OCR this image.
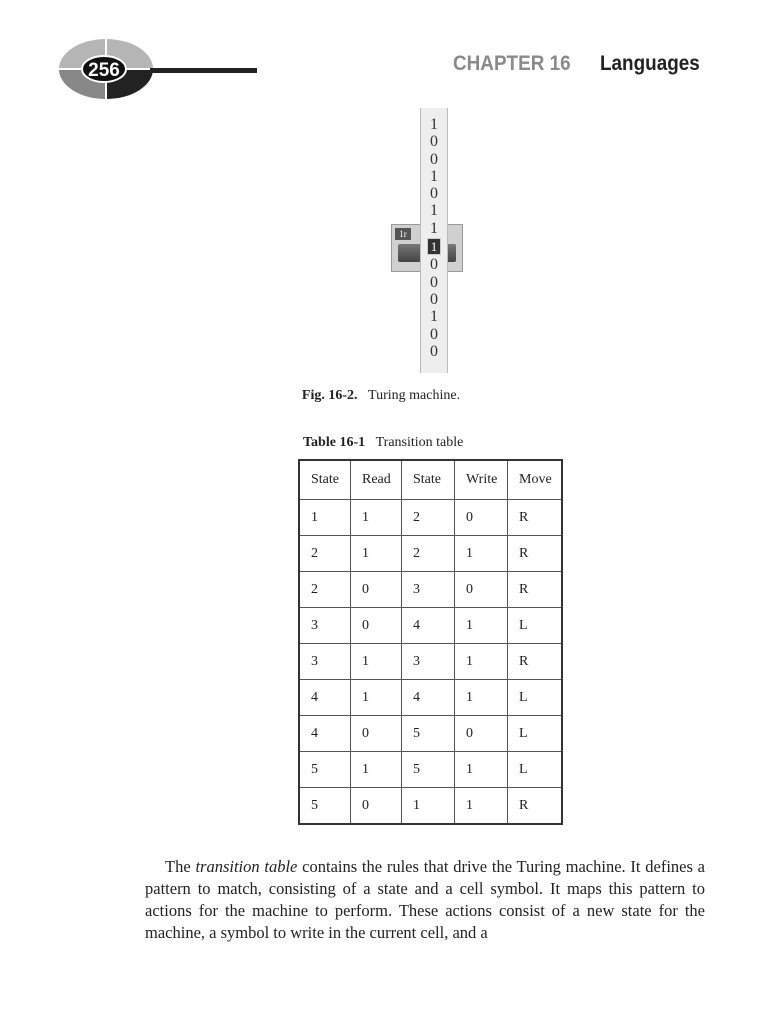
256	CHAPTER 16 Languages
1
0
0
1
0
1
1
1
0
0
0
1
0
0
1r
Fig. 16-2. Turing machine.
Table 16-1 Transition table
State	Read	State	Write	Move
1	1	2	0	R
2	1	2	1	R
2	0	3	0	R
3	0	4	1	L
3	1	3	1	R
4	1	4	1	L
4	0	5	0	L
5	1	5	1	L
5	0	1	1	R
The transition table contains the rules that drive the Turing machine. It defines a pattern to match, consisting of a state and a cell symbol. It maps this pattern to actions for the machine to perform. These actions consist of a new state for the machine, a symbol to write in the current cell, and a
